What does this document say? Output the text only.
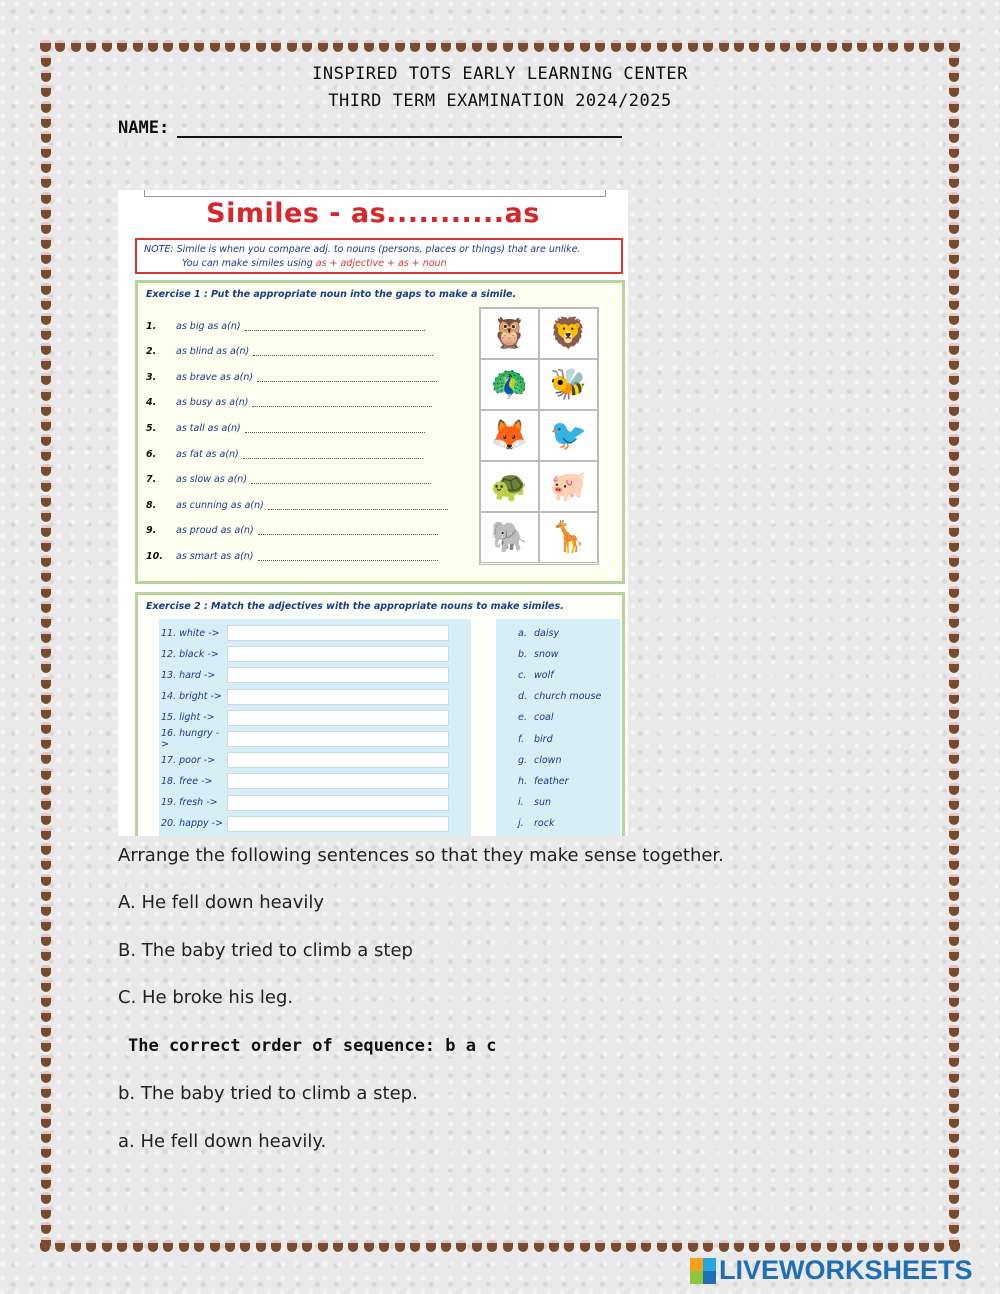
INSPIRED TOTS EARLY LEARNING CENTER
THIRD TERM EXAMINATION 2024/2025
NAME:
Similes - as...........as
NOTE: Simile is when you compare adj. to nouns (persons, places or things) that are unlike.
You can make similes using as + adjective + as + noun
Exercise 1 : Put the appropriate noun into the gaps to make a simile.
1.	as big as a(n)
2.	as blind as a(n)
3.	as brave as a(n)
4.	as busy as a(n)
5.	as tall as a(n)
6.	as fat as a(n)
7.	as slow as a(n)
8.	as cunning as a(n)
9.	as proud as a(n)
10.	as smart as a(n)
🦉 🦁
🦚 🐝
🦊 🐦
🐢 🐖
🐘 🦒
Exercise 2 : Match the adjectives with the appropriate nouns to make similes.
11. white ->
12. black ->
13. hard ->
14. bright ->
15. light ->
16. hungry ->
17. poor ->
18. free ->
19. fresh ->
20. happy ->
a. daisy
b. snow
c. wolf
d. church mouse
e. coal
f.	bird
g. clown
h. feather
i.	sun
j.	rock
Arrange the following sentences so that they make sense together.
A. He fell down heavily
B. The baby tried to climb a step
C. He broke his leg.
The correct order of sequence: b a c
b. The baby tried to climb a step.
a. He fell down heavily.
LIVEWORKSHEETS
